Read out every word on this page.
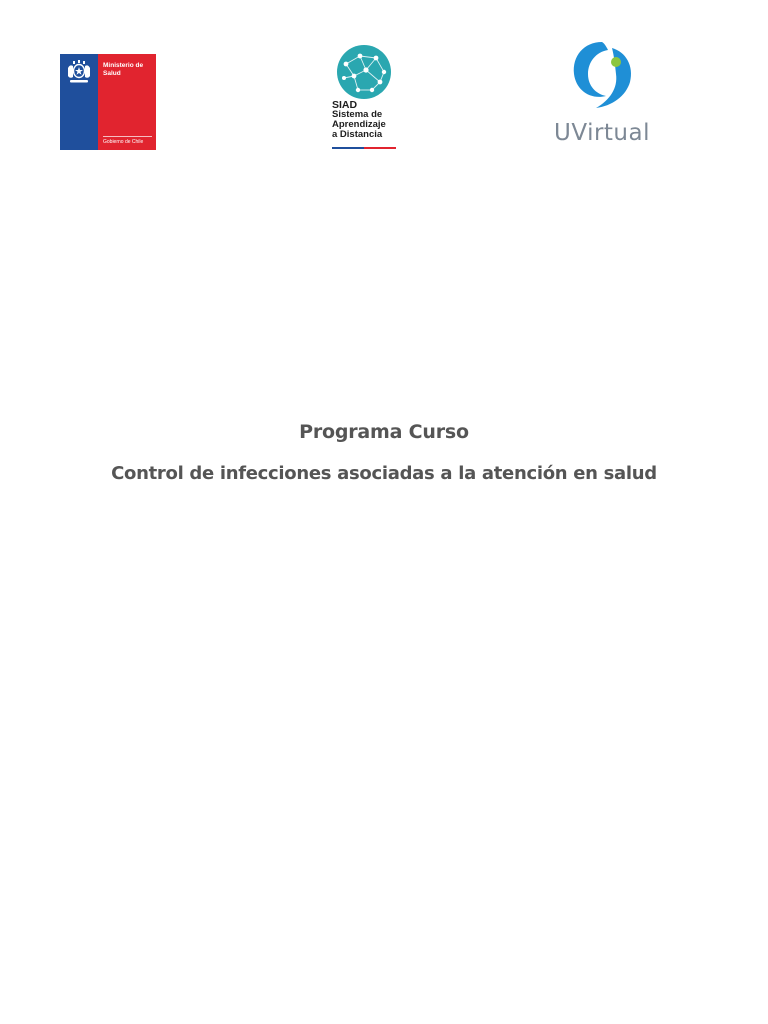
Ministerio de
Salud
Gobierno de Chile
SIAD
Sistema de
Aprendizaje
a Distancia	UVirtual
Programa Curso
Control de infecciones asociadas a la atención en salud
